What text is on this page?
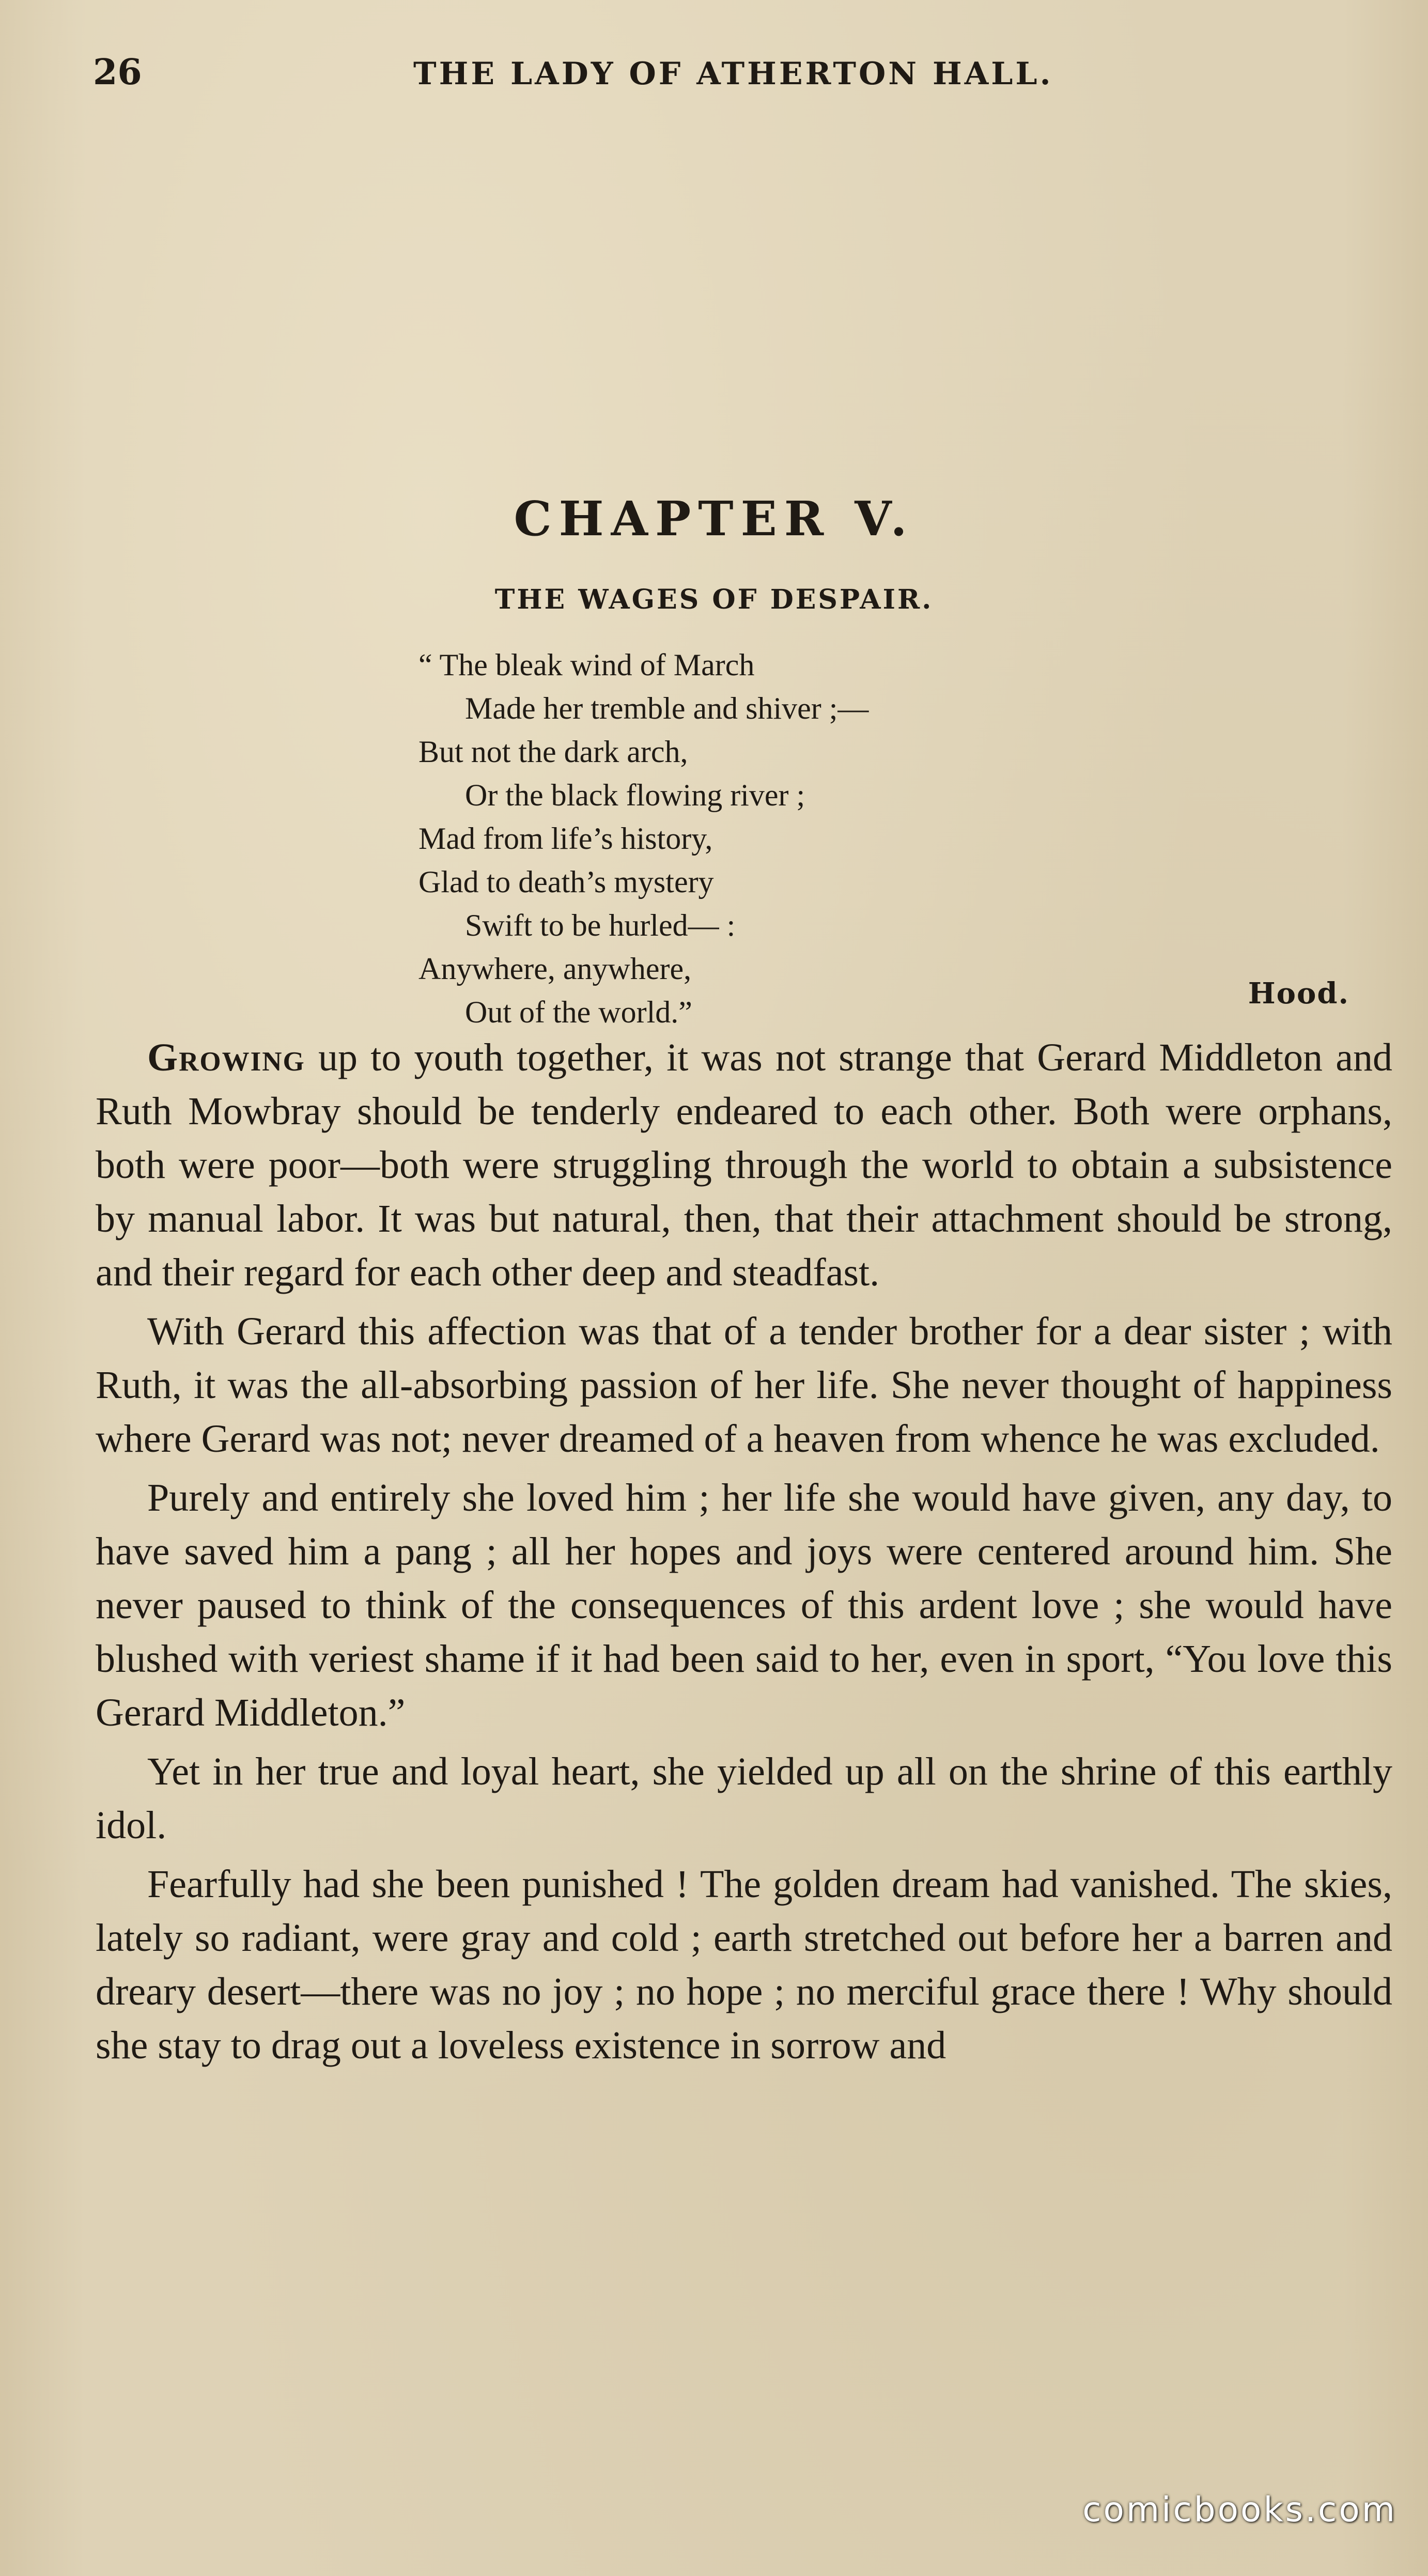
26	THE LADY OF ATHERTON HALL.
CHAPTER V.
THE WAGES OF DESPAIR.
“ The bleak wind of March
Made her tremble and shiver ;—
But not the dark arch,
Or the black flowing river ;
Mad from life’s history,
Glad to death’s mystery
Swift to be hurled— :
Anywhere, anywhere,
Out of the world.”
Hood.

Growing up to youth together, it was not strange that Gerard Middleton and Ruth Mowbray should be tenderly endeared to each other. Both were orphans, both were poor—both were struggling through the world to obtain a subsistence by manual labor. It was but natural, then, that their attachment should be strong, and their regard for each other deep and steadfast.

With Gerard this affection was that of a tender brother for a dear sister ; with Ruth, it was the all-absorbing passion of her life. She never thought of happiness where Gerard was not; never dreamed of a heaven from whence he was excluded.

Purely and entirely she loved him ; her life she would have given, any day, to have saved him a pang ; all her hopes and joys were centered around him. She never paused to think of the consequences of this ardent love ; she would have blushed with veriest shame if it had been said to her, even in sport, “You love this Gerard Middleton.”

Yet in her true and loyal heart, she yielded up all on the shrine of this earthly idol.

Fearfully had she been punished ! The golden dream had vanished. The skies, lately so radiant, were gray and cold ; earth stretched out before her a barren and dreary desert—there was no joy ; no hope ; no merciful grace there ! Why should she stay to drag out a loveless existence in sorrow and

comicbooks.com
